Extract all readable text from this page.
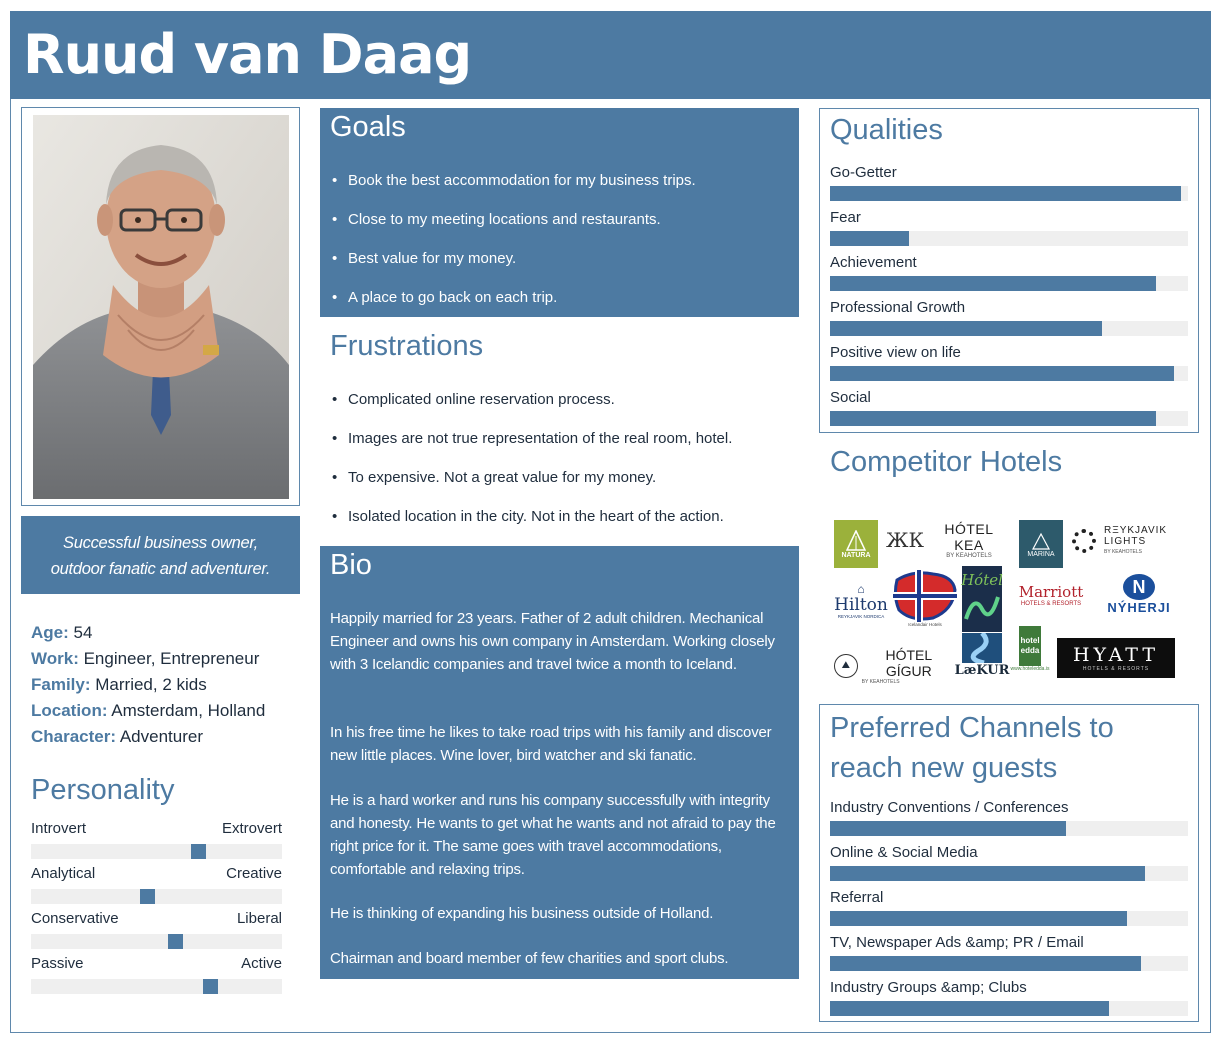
Ruud van Daag
Successful business owner,
outdoor fanatic and adventurer.
Age: 54
Work: Engineer, Entrepreneur
Family: Married, 2 kids
Location: Amsterdam, Holland
Character: Adventurer
Personality
Introvert	Extrovert
Analytical	Creative
Conservative	Liberal
Passive	Active
Goals
• Book the best accommodation for my business trips.
• Close to my meeting locations and restaurants.
• Best value for my money.
• A place to go back on each trip.
Frustrations
• Complicated online reservation process.
• Images are not true representation of the real room, hotel.
• To expensive. Not a great value for my money.
• Isolated location in the city. Not in the heart of the action.
Bio
Happily married for 23 years. Father of 2 adult children. Mechanical Engineer and owns his own company in Amsterdam. Working closely with 3 Icelandic companies and travel twice a month to Iceland.
In his free time he likes to take road trips with his family and discover new little places. Wine lover, bird watcher and ski fanatic.
He is a hard worker and runs his company successfully with integrity and honesty. He wants to get what he wants and not afraid to pay the right price for it. The same goes with travel accommodations, comfortable and relaxing trips.
He is thinking of expanding his business outside of Holland.
Chairman and board member of few charities and sport clubs.
Qualities
Go-Getter
Fear
Achievement
Professional Growth
Positive view on life
Social
Competitor Hotels
NATURA
ЖК	HÓTEL KEA
BY KEAHOTELS	MARINA
RΞYKJAVIK
LIGHTS
BY KEAHOTELS
⌂
Hilton
REYKJAVIK NORDICA
Icelandair Hotels
Hótel
Marriott
HOTELS & RESORTS
N
NÝHERJI
⛰
HÓTEL GÍGUR
BY KEAHOTELS
LæKUR
hotel edda
www.hoteledda.is
HYATT
HOTELS & RESORTS
Preferred Channels to
reach new guests
Industry Conventions / Conferences
Online & Social Media
Referral
TV, Newspaper Ads &amp; PR / Email
Industry Groups &amp; Clubs
